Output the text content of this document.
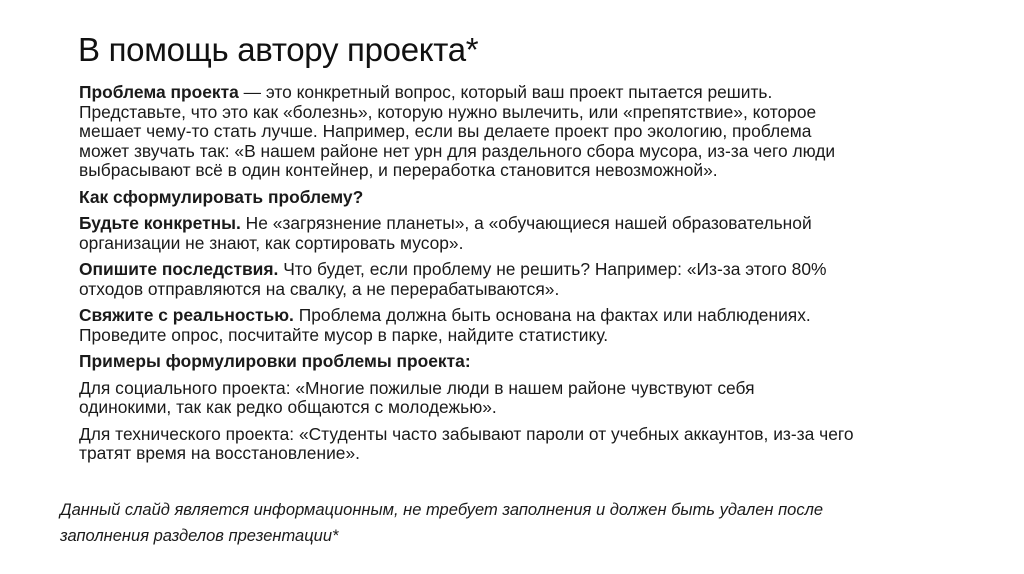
В помощь автору проекта*
Проблема проекта — это конкретный вопрос, который ваш проект пытается решить.
Представьте, что это как «болезнь», которую нужно вылечить, или «препятствие», которое
мешает чему-то стать лучше. Например, если вы делаете проект про экологию, проблема
может звучать так: «В нашем районе нет урн для раздельного сбора мусора, из-за чего люди
выбрасывают всё в один контейнер, и переработка становится невозможной».
Как сформулировать проблему?
Будьте конкретны. Не «загрязнение планеты», а «обучающиеся нашей образовательной
организации не знают, как сортировать мусор».
Опишите последствия. Что будет, если проблему не решить? Например: «Из-за этого 80%
отходов отправляются на свалку, а не перерабатываются».
Свяжите с реальностью. Проблема должна быть основана на фактах или наблюдениях.
Проведите опрос, посчитайте мусор в парке, найдите статистику.
Примеры формулировки проблемы проекта:
Для социального проекта: «Многие пожилые люди в нашем районе чувствуют себя
одинокими, так как редко общаются с молодежью».
Для технического проекта: «Студенты часто забывают пароли от учебных аккаунтов, из-за чего
тратят время на восстановление».
Данный слайд является информационным, не требует заполнения и должен быть удален после
заполнения разделов презентации*
